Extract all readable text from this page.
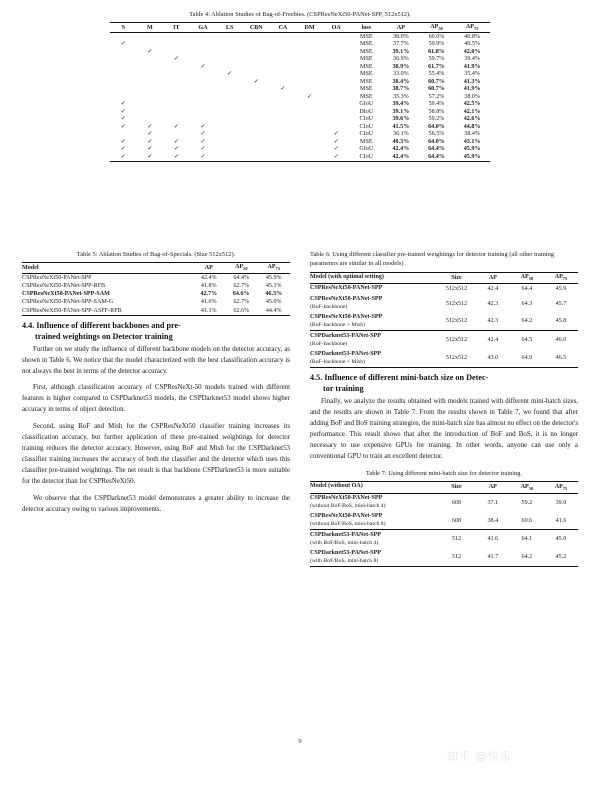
Table 4: Ablation Studies of Bag-of-Freebies. (CSPResNeXt50-PANet-SPP, 512x512).
S	M	IT	GA	LS	CBN	CA	DM	OA	loss	AP	$AP_{50}$	$AP_{75}$
									MSE	38.0%	60.0%	40.8%
✓									MSE	37.7%	59.9%	40.5%
	✓								MSE	39.1%	61.8%	42.0%
		✓							MSE	36.9%	59.7%	39.4%
			✓						MSE	38.9%	61.7%	41.9%
				✓					MSE	33.0%	55.4%	35.4%
					✓				MSE	38.4%	60.7%	41.3%
						✓			MSE	38.7%	60.7%	41.9%
							✓		MSE	35.3%	57.2%	38.0%
✓									GIoU	39.4%	59.4%	42.5%
✓									DIoU	39.1%	58.8%	42.1%
✓									CIoU	39.6%	59.2%	42.6%
✓	✓	✓	✓						CIoU	41.5%	64.0%	44.8%
	✓		✓					✓	CIoU	36.1%	56.5%	38.4%
✓	✓	✓	✓					✓	MSE	40.3%	64.0%	43.1%
✓	✓	✓	✓					✓	GIoU	42.4%	64.4%	45.9%
✓	✓	✓	✓					✓	CIoU	42.4%	64.4%	45.9%
Table 5: Ablation Studies of Bag-of-Specials. (Size 512x512).
Model	AP	$AP_{50}$	$AP_{75}$
CSPResNeXt50-PANet-SPP	42.4%	64.4%	45.9%
CSPResNeXt50-PANet-SPP-RFB	41.8%	62.7%	45.1%
CSPResNeXt50-PANet-SPP-SAM	42.7%	64.6%	46.3%
CSPResNeXt50-PANet-SPP-SAM-G	41.6%	62.7%	45.0%
CSPResNeXt50-PANet-SPP-ASFF-RFB	41.1%	62.6%	44.4%
4.4. Influence of different backbones and pre-
trained weightings on Detector training

Further on we study the influence of different backbone models on the detector accuracy, as shown in Table 6. We notice that the model characterized with the best classification accuracy is not always the best in terms of the detector accuracy.

First, although classification accuracy of CSPResNeXt-50 models trained with different features is higher compared to CSPDarknet53 models, the CSPDarknet53 model shows higher accuracy in terms of object detection.

Second, using BoF and Mish for the CSPResNeXt50 classifier training increases its classification accuracy, but further application of these pre-trained weightings for detector training reduces the detector accuracy. However, using BoF and Mish for the CSPDarknet53 classifier training increases the accuracy of both the classifier and the detector which uses this classifier pre-trained weightings. The net result is that backbone CSPDarknet53 is more suitable for the detector than for CSPResNeXt50.

We observe that the CSPDarknet53 model demonstrates a greater ability to increase the detector accuracy owing to various improvements.

Table 6: Using different classifier pre-trained weightings for detector training (all other training parameters are similar in all models) .
Model (with optimal setting)	Size	AP	$AP_{50}$	$AP_{75}$

CSPResNeXt50-PANet-SPP	512x512	42.4	64.4	45.9

CSPResNeXt50-PANet-SPP
(BoF-backbone)	512x512	42.3	64.3	45.7

CSPResNeXt50-PANet-SPP
(BoF-backbone + Mish)	512x512	42.3	64.2	45.8

CSPDarknet53-PANet-SPP
(BoF-backbone)	512x512	42.4	64.5	46.0

CSPDarknet53-PANet-SPP
(BoF-backbone + Mish)	512x512	43.0	64.9	46.5
4.5. Influence of different mini-batch size on Detec-
tor training

Finally, we analyze the results obtained with models trained with different mini-batch sizes, and the results are shown in Table 7. From the results shown in Table 7, we found that after adding BoF and BoS training strategies, the mini-batch size has almost no effect on the detector's performance. This result shows that after the introduction of BoF and BoS, it is no longer necessary to use expensive GPUs for training. In other words, anyone can use only a conventional GPU to train an excellent detector.

Table 7: Using different mini-batch size for detector training.
Model (without OA)	Size	AP	$AP_{50}$	$AP_{75}$

CSPResNeXt50-PANet-SPP
(without BoF/BoS, mini-batch 4)	608	37.1	59.2	39.9

CSPResNeXt50-PANet-SPP
(without BoF/BoS, mini-batch 8)	608	38.4	60.6	41.6

CSPDarknet53-PANet-SPP
(with BoF/BoS, mini-batch 4)	512	41.6	64.1	45.0

CSPDarknet53-PANet-SPP
(with BoF/BoS, mini-batch 8)	512	41.7	64.2	45.2
9
知乎 @快乐
